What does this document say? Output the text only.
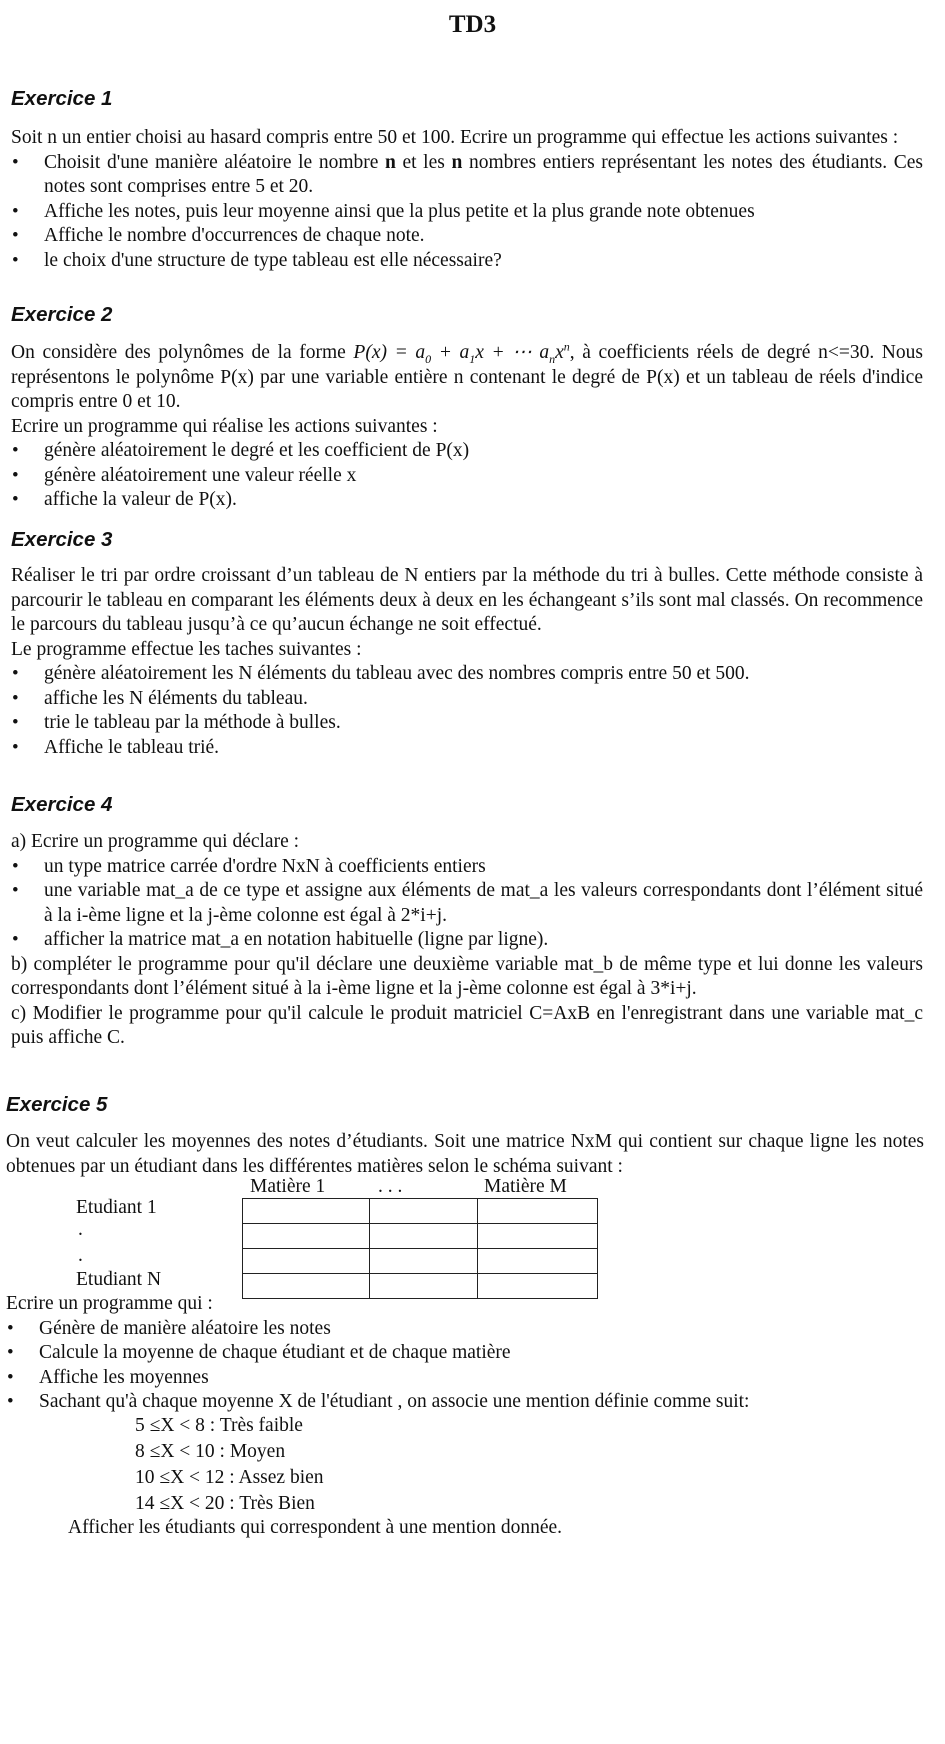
TD3
Exercice 1

Soit n un entier choisi au hasard compris entre 50 et 100. Ecrire un programme qui effectue les actions suivantes :

• Choisit d'une manière aléatoire le nombre n et les n nombres entiers représentant les notes des étudiants. Ces notes sont comprises entre 5 et 20.
• Affiche les notes, puis leur moyenne ainsi que la plus petite et la plus grande note obtenues
• Affiche le nombre d'occurrences de chaque note.
• le choix d'une structure de type tableau est elle nécessaire?
Exercice 2

On considère des polynômes de la forme $P(x) = a_0 + a_1x$ + ⋯ $a_nx^n$, à coefficients réels de degré n<=30. Nous représentons le polynôme P(x) par une variable entière n contenant le degré de P(x) et un tableau de réels d'indice compris entre 0 et 10.

Ecrire un programme qui réalise les actions suivantes :

• génère aléatoirement le degré et les coefficient de P(x)
• génère aléatoirement une valeur réelle x
• affiche la valeur de P(x).
Exercice 3

Réaliser le tri par ordre croissant d’un tableau de N entiers par la méthode du tri à bulles. Cette méthode consiste à parcourir le tableau en comparant les éléments deux à deux en les échangeant s’ils sont mal classés. On recommence le parcours du tableau jusqu’à ce qu’aucun échange ne soit effectué.

Le programme effectue les taches suivantes :

• génère aléatoirement les N éléments du tableau avec des nombres compris entre 50 et 500.
• affiche les N éléments du tableau.
• trie le tableau par la méthode à bulles.
• Affiche le tableau trié.
Exercice 4

a) Ecrire un programme qui déclare :

• un type matrice carrée d'ordre NxN à coefficients entiers
• une variable mat_a de ce type et assigne aux éléments de mat_a les valeurs correspondants dont l’élément situé à la i-ème ligne et la j-ème colonne est égal à 2*i+j.
• afficher la matrice mat_a en notation habituelle (ligne par ligne).

b) compléter le programme pour qu'il déclare une deuxième variable mat_b de même type et lui donne les valeurs correspondants dont l’élément situé à la i-ème ligne et la j-ème colonne est égal à 3*i+j.

c) Modifier le programme pour qu'il calcule le produit matriciel C=AxB en l'enregistrant dans une variable mat_c puis affiche C.

Exercice 5

On veut calculer les moyennes des notes d’étudiants. Soit une matrice NxM qui contient sur chaque ligne les notes obtenues par un étudiant dans les différentes matières selon le schéma suivant :

Matière 1	. . .	Matière M
Etudiant 1
.
.
Etudiant N

Ecrire un programme qui :

• Génère de manière aléatoire les notes
• Calcule la moyenne de chaque étudiant et de chaque matière
• Affiche les moyennes
• Sachant qu'à chaque moyenne X de l'étudiant , on associe une mention définie comme suit:
5 ≤X < 8 : Très faible
8 ≤X < 10 : Moyen
10 ≤X < 12 : Assez bien
14 ≤X < 20 : Très Bien
Afficher les étudiants qui correspondent à une mention donnée.
